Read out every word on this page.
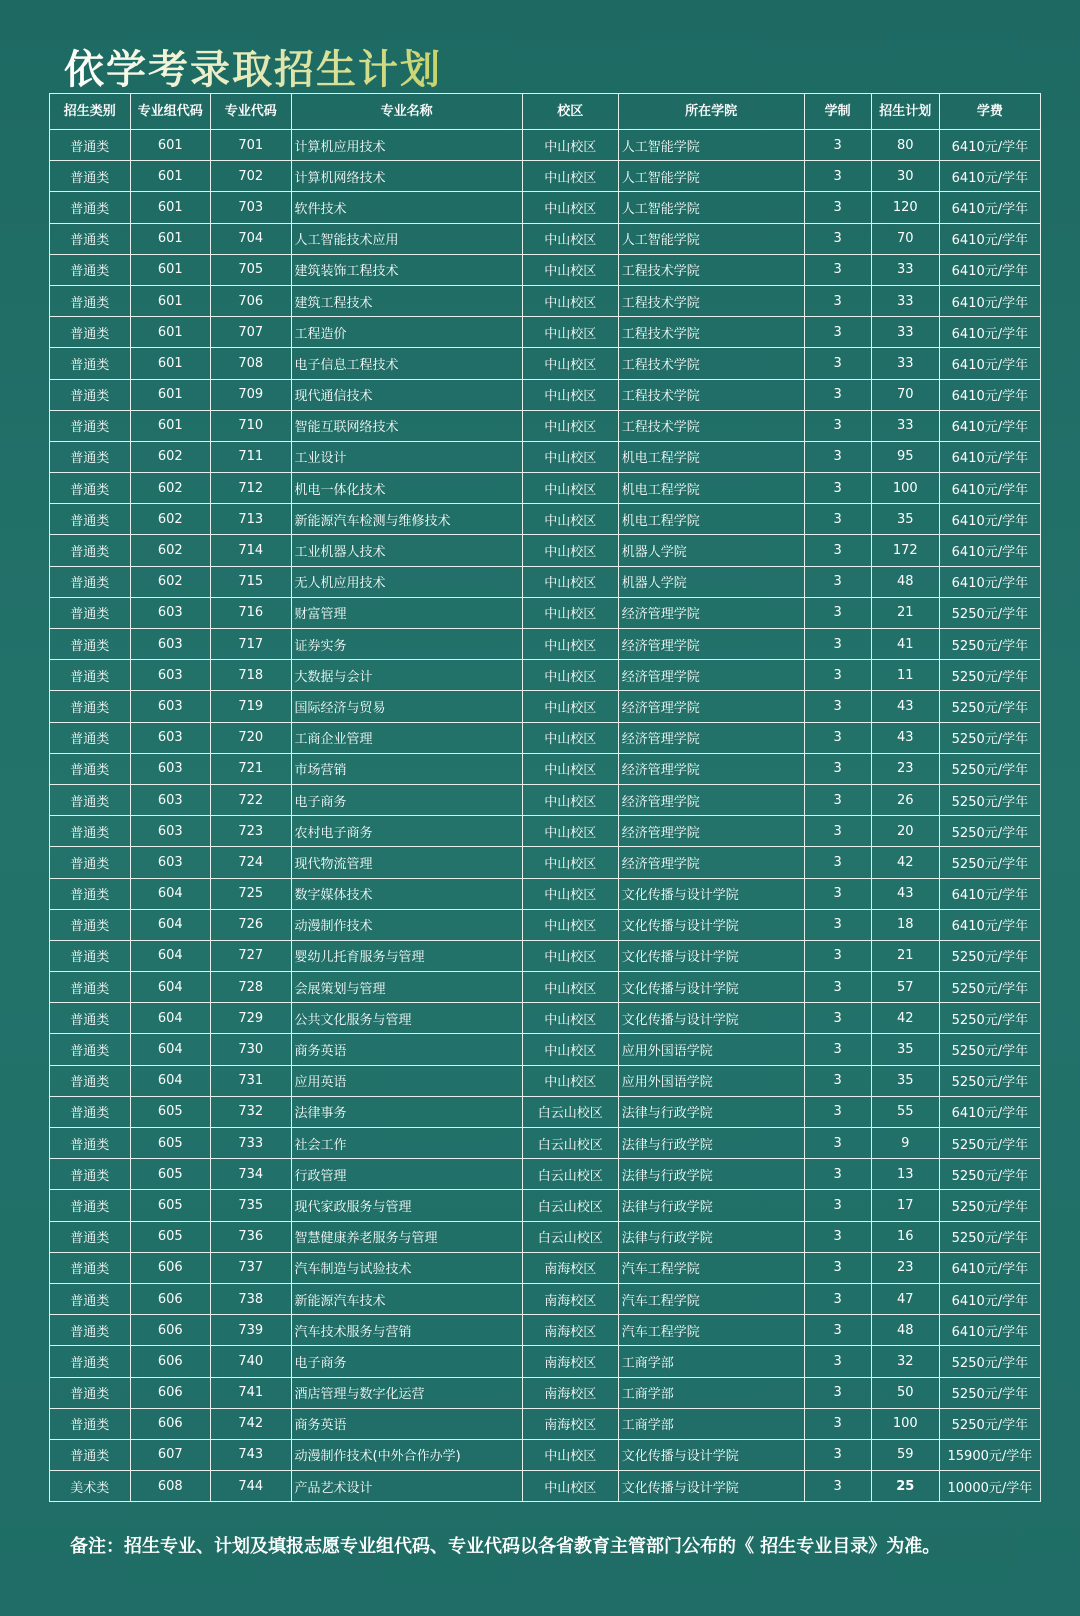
依学考录取招生计划
招生类别	专业组代码	专业代码	专业名称	校区	所在学院	学制	招生计划	学费
普通类	601	701	计算机应用技术	中山校区	人工智能学院	3	80	6410元/学年
普通类	601	702	计算机网络技术	中山校区	人工智能学院	3	30	6410元/学年
普通类	601	703	软件技术	中山校区	人工智能学院	3	120	6410元/学年
普通类	601	704	人工智能技术应用	中山校区	人工智能学院	3	70	6410元/学年
普通类	601	705	建筑装饰工程技术	中山校区	工程技术学院	3	33	6410元/学年
普通类	601	706	建筑工程技术	中山校区	工程技术学院	3	33	6410元/学年
普通类	601	707	工程造价	中山校区	工程技术学院	3	33	6410元/学年
普通类	601	708	电子信息工程技术	中山校区	工程技术学院	3	33	6410元/学年
普通类	601	709	现代通信技术	中山校区	工程技术学院	3	70	6410元/学年
普通类	601	710	智能互联网络技术	中山校区	工程技术学院	3	33	6410元/学年
普通类	602	711	工业设计	中山校区	机电工程学院	3	95	6410元/学年
普通类	602	712	机电一体化技术	中山校区	机电工程学院	3	100	6410元/学年
普通类	602	713	新能源汽车检测与维修技术	中山校区	机电工程学院	3	35	6410元/学年
普通类	602	714	工业机器人技术	中山校区	机器人学院	3	172	6410元/学年
普通类	602	715	无人机应用技术	中山校区	机器人学院	3	48	6410元/学年
普通类	603	716	财富管理	中山校区	经济管理学院	3	21	5250元/学年
普通类	603	717	证券实务	中山校区	经济管理学院	3	41	5250元/学年
普通类	603	718	大数据与会计	中山校区	经济管理学院	3	11	5250元/学年
普通类	603	719	国际经济与贸易	中山校区	经济管理学院	3	43	5250元/学年
普通类	603	720	工商企业管理	中山校区	经济管理学院	3	43	5250元/学年
普通类	603	721	市场营销	中山校区	经济管理学院	3	23	5250元/学年
普通类	603	722	电子商务	中山校区	经济管理学院	3	26	5250元/学年
普通类	603	723	农村电子商务	中山校区	经济管理学院	3	20	5250元/学年
普通类	603	724	现代物流管理	中山校区	经济管理学院	3	42	5250元/学年
普通类	604	725	数字媒体技术	中山校区	文化传播与设计学院	3	43	6410元/学年
普通类	604	726	动漫制作技术	中山校区	文化传播与设计学院	3	18	6410元/学年
普通类	604	727	婴幼儿托育服务与管理	中山校区	文化传播与设计学院	3	21	5250元/学年
普通类	604	728	会展策划与管理	中山校区	文化传播与设计学院	3	57	5250元/学年
普通类	604	729	公共文化服务与管理	中山校区	文化传播与设计学院	3	42	5250元/学年
普通类	604	730	商务英语	中山校区	应用外国语学院	3	35	5250元/学年
普通类	604	731	应用英语	中山校区	应用外国语学院	3	35	5250元/学年
普通类	605	732	法律事务	白云山校区	法律与行政学院	3	55	6410元/学年
普通类	605	733	社会工作	白云山校区	法律与行政学院	3	9	5250元/学年
普通类	605	734	行政管理	白云山校区	法律与行政学院	3	13	5250元/学年
普通类	605	735	现代家政服务与管理	白云山校区	法律与行政学院	3	17	5250元/学年
普通类	605	736	智慧健康养老服务与管理	白云山校区	法律与行政学院	3	16	5250元/学年
普通类	606	737	汽车制造与试验技术	南海校区	汽车工程学院	3	23	6410元/学年
普通类	606	738	新能源汽车技术	南海校区	汽车工程学院	3	47	6410元/学年
普通类	606	739	汽车技术服务与营销	南海校区	汽车工程学院	3	48	6410元/学年
普通类	606	740	电子商务	南海校区	工商学部	3	32	5250元/学年
普通类	606	741	酒店管理与数字化运营	南海校区	工商学部	3	50	5250元/学年
普通类	606	742	商务英语	南海校区	工商学部	3	100	5250元/学年
普通类	607	743	动漫制作技术(中外合作办学)	中山校区	文化传播与设计学院	3	59	15900元/学年
美术类	608	744	产品艺术设计	中山校区	文化传播与设计学院	3	25	10000元/学年
备注：招生专业、计划及填报志愿专业组代码、专业代码以各省教育主管部门公布的《 招生专业目录》为准。
